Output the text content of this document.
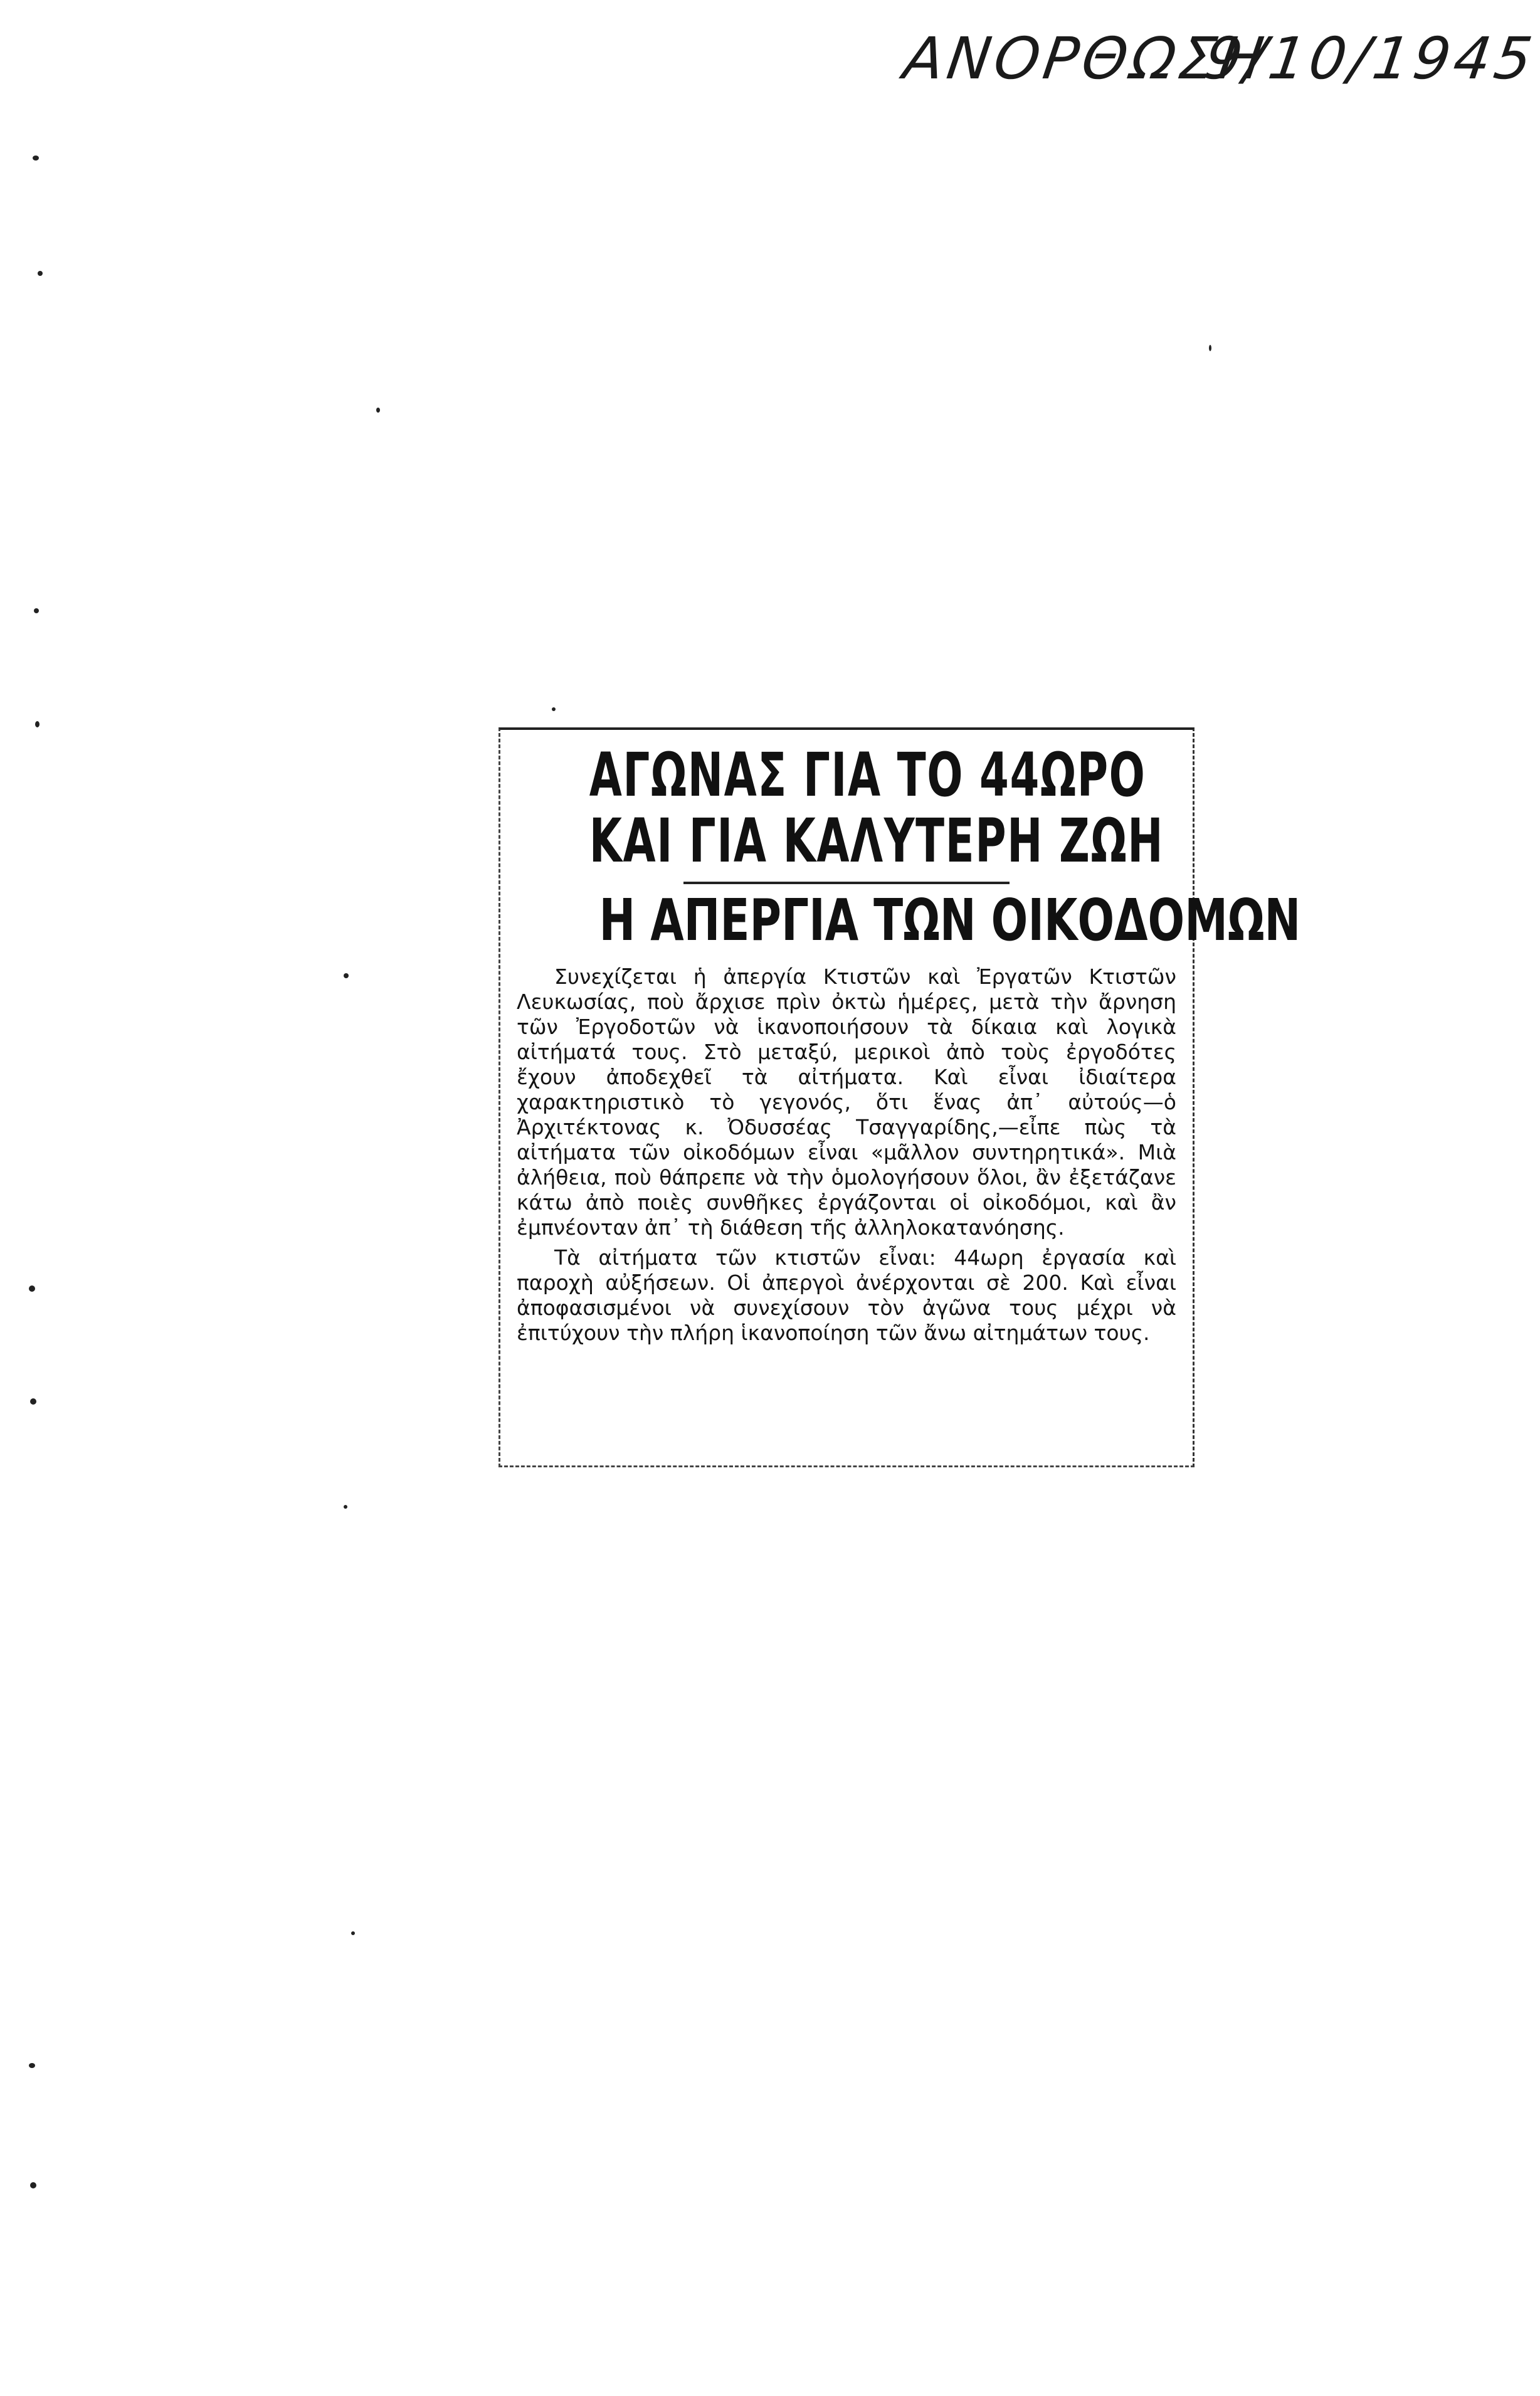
ΑΝΟΡΘΩΣΗ
9/10/1945
ΑΓΩΝΑΣ ΓΙΑ ΤΟ 44ΩΡΟ
ΚΑΙ ΓΙΑ ΚΑΛΥΤΕΡΗ ΖΩΗ
Η ΑΠΕΡΓΙΑ ΤΩΝ ΟΙΚΟΔΟΜΩΝ

Συνεχίζεται ἡ ἀπεργία Κτιστῶν καὶ Ἐργατῶν Κτιστῶν Λευκωσίας, ποὺ ἄρχισε πρὶν ὀκτὼ ἡμέρες, μετὰ τὴν ἄρνηση τῶν Ἐργοδοτῶν νὰ ἱκανοποιήσουν τὰ δίκαια καὶ λογικὰ αἰτήματά τους. Στὸ μεταξύ, μερικοὶ ἀπὸ τοὺς ἐργοδότες ἔχουν ἀποδεχθεῖ τὰ αἰτήματα. Καὶ εἶναι ἰδιαίτερα χαρακτηριστικὸ τὸ γεγονός, ὅτι ἕνας ἀπ᾽ αὐτούς—ὁ Ἀρχιτέκτονας κ. Ὀδυσσέας Τσαγγαρίδης,—εἶπε πὼς τὰ αἰτήματα τῶν οἰκοδόμων εἶναι «μᾶλλον συντηρητικά». Μιὰ ἀλήθεια, ποὺ θάπρεπε νὰ τὴν ὁμολογήσουν ὅλοι, ἂν ἐξετάζανε κάτω ἀπὸ ποιὲς συνθῆκες ἐργάζονται οἱ οἰκοδόμοι, καὶ ἂν ἐμπνέονταν ἀπ᾽ τὴ διάθεση τῆς ἀλληλοκατανόησης.

Τὰ αἰτήματα τῶν κτιστῶν εἶναι: 44ωρη ἐργασία καὶ παροχὴ αὐξήσεων. Οἱ ἀπεργοὶ ἀνέρχονται σὲ 200. Καὶ εἶναι ἀποφασισμένοι νὰ συνεχίσουν τὸν ἀγῶνα τους μέχρι νὰ ἐπιτύχουν τὴν πλήρη ἱκανοποίηση τῶν ἄνω αἰτημάτων τους.
